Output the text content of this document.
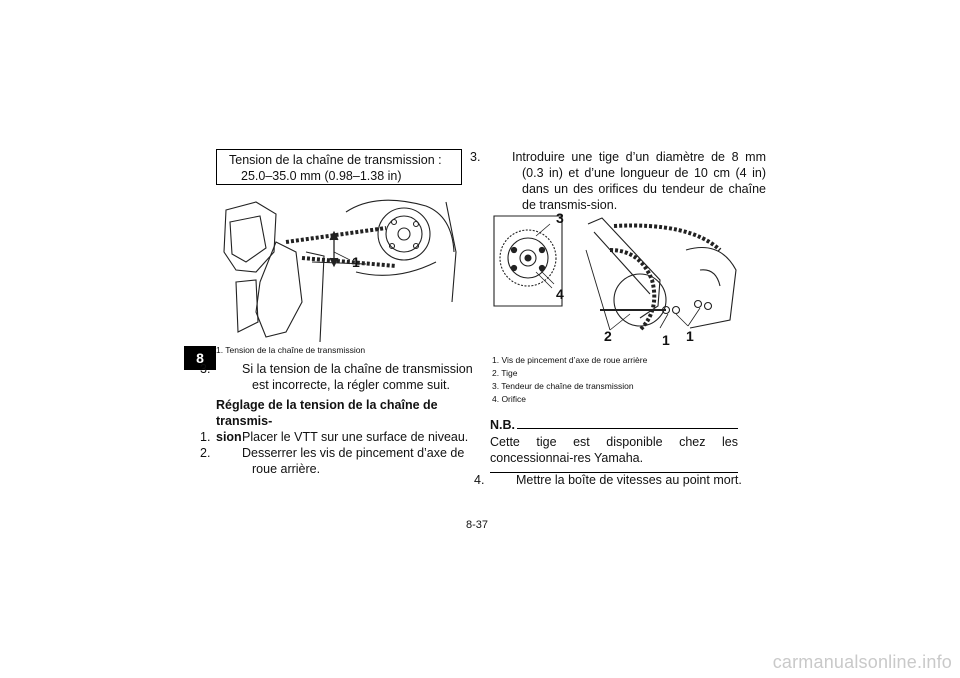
8
Tension de la chaîne de transmission :
25.0–35.0 mm (0.98–1.38 in)
1
1. Tension de la chaîne de transmission
3.	Si la tension de la chaîne de transmission est incorrecte, la régler comme suit.
Réglage de la tension de la chaîne de transmis-
sion
1.	Placer le VTT sur une surface de niveau.
2.	Desserrer les vis de pincement d’axe de roue arrière.
3.	Introduire une tige d’un diamètre de 8 mm (0.3 in) et d’une longueur de 10 cm (4 in) dans un des orifices du tendeur de chaîne de transmis-sion.
3
4
2	1 1
1. Vis de pincement d’axe de roue arrière
2. Tige
3. Tendeur de chaîne de transmission
4. Orifice
N.B.
Cette tige est disponible chez les concessionnai-res Yamaha.
4.	Mettre la boîte de vitesses au point mort.
8-37
carmanualsonline.info
